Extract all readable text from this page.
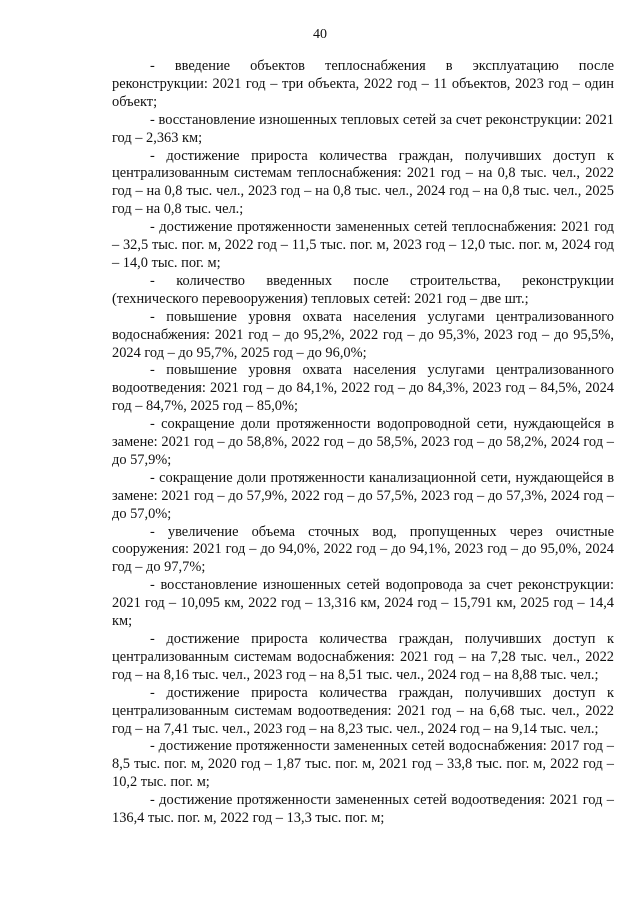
40

- введение объектов теплоснабжения в эксплуатацию после реконструкции: 2021 год – три объекта, 2022 год – 11 объектов, 2023 год – один объект;

- восстановление изношенных тепловых сетей за счет реконструкции: 2021 год – 2,363 км;

- достижение прироста количества граждан, получивших доступ к централизованным системам теплоснабжения: 2021 год – на 0,8 тыс. чел., 2022 год – на 0,8 тыс. чел., 2023 год – на 0,8 тыс. чел., 2024 год – на 0,8 тыс. чел., 2025 год – на 0,8 тыс. чел.;

- достижение протяженности замененных сетей теплоснабжения: 2021 год – 32,5 тыс. пог. м, 2022 год – 11,5 тыс. пог. м, 2023 год – 12,0 тыс. пог. м, 2024 год – 14,0 тыс. пог. м;

- количество введенных после строительства, реконструкции (технического перевооружения) тепловых сетей: 2021 год – две шт.;

- повышение уровня охвата населения услугами централизованного водоснабжения: 2021 год – до 95,2%, 2022 год – до 95,3%, 2023 год – до 95,5%, 2024 год – до 95,7%, 2025 год – до 96,0%;

- повышение уровня охвата населения услугами централизованного водоотведения: 2021 год – до 84,1%, 2022 год – до 84,3%, 2023 год – 84,5%, 2024 год – 84,7%, 2025 год – 85,0%;

- сокращение доли протяженности водопроводной сети, нуждающейся в замене: 2021 год – до 58,8%, 2022 год – до 58,5%, 2023 год – до 58,2%, 2024 год – до 57,9%;

- сокращение доли протяженности канализационной сети, нуждающейся в замене: 2021 год – до 57,9%, 2022 год – до 57,5%, 2023 год – до 57,3%, 2024 год – до 57,0%;

- увеличение объема сточных вод, пропущенных через очистные сооружения: 2021 год – до 94,0%, 2022 год – до 94,1%, 2023 год – до 95,0%, 2024 год – до 97,7%;

- восстановление изношенных сетей водопровода за счет реконструкции: 2021 год – 10,095 км, 2022 год – 13,316 км, 2024 год – 15,791 км, 2025 год – 14,4 км;

- достижение прироста количества граждан, получивших доступ к централизованным системам водоснабжения: 2021 год – на 7,28 тыс. чел., 2022 год – на 8,16 тыс. чел., 2023 год – на 8,51 тыс. чел., 2024 год – на 8,88 тыс. чел.;

- достижение прироста количества граждан, получивших доступ к централизованным системам водоотведения: 2021 год – на 6,68 тыс. чел., 2022 год – на 7,41 тыс. чел., 2023 год – на 8,23 тыс. чел., 2024 год – на 9,14 тыс. чел.;

- достижение протяженности замененных сетей водоснабжения: 2017 год – 8,5 тыс. пог. м, 2020 год – 1,87 тыс. пог. м, 2021 год – 33,8 тыс. пог. м, 2022 год – 10,2 тыс. пог. м;

- достижение протяженности замененных сетей водоотведения: 2021 год – 136,4 тыс. пог. м, 2022 год – 13,3 тыс. пог. м;
